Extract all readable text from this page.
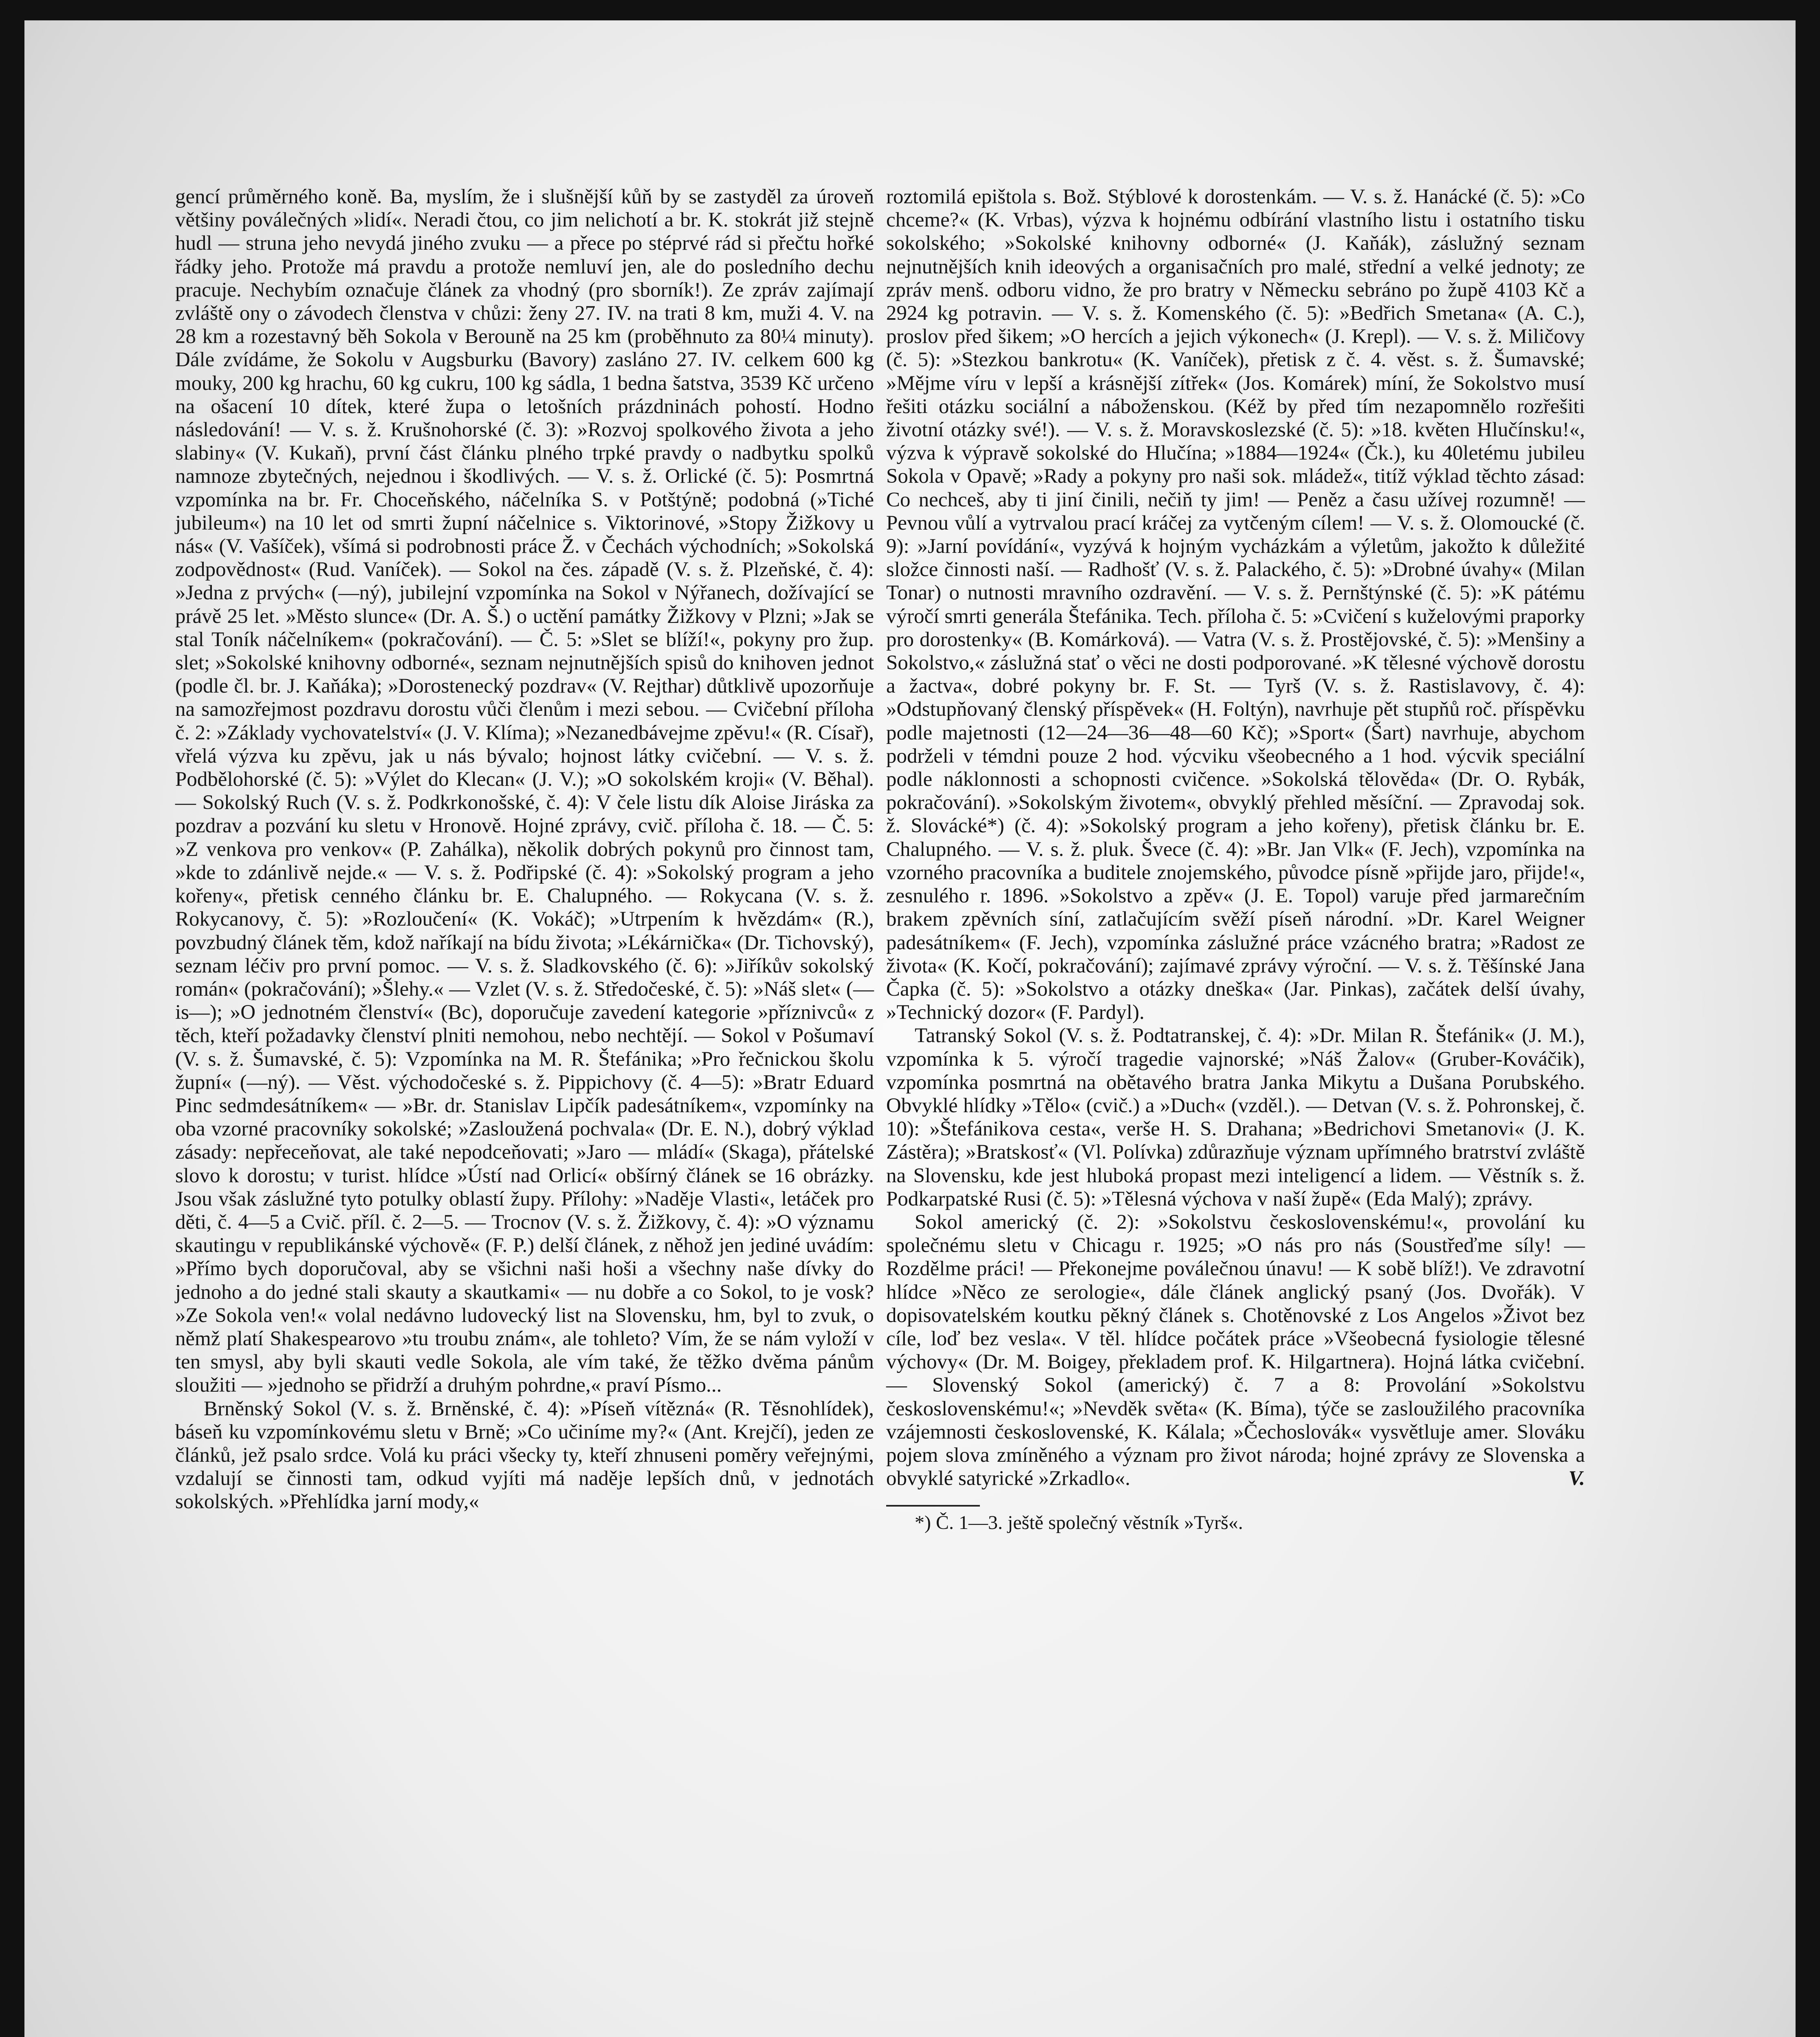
gencí průměrného koně. Ba, myslím, že i slušnější kůň by se zastyděl za úroveň většiny poválečných »lidí«. Neradi čtou, co jim nelichotí a br. K. stokrát již stejně hudl — struna jeho nevydá jiného zvuku — a přece po stéprvé rád si přečtu hořké řádky jeho. Protože má pravdu a protože nemluví jen, ale do posledního dechu pracuje. Nechybím označuje článek za vhodný (pro sborník!). Ze zpráv zajímají zvláště ony o závodech členstva v chůzi: ženy 27. IV. na trati 8 km, muži 4. V. na 28 km a rozestavný běh Sokola v Berouně na 25 km (proběhnuto za 80¼ minuty). Dále zvídáme, že Sokolu v Augsburku (Bavory) zasláno 27. IV. celkem 600 kg mouky, 200 kg hrachu, 60 kg cukru, 100 kg sádla, 1 bedna šatstva, 3539 Kč určeno na ošacení 10 dítek, které župa o letošních prázdninách pohostí. Hodno následování! — V. s. ž. Krušnohorské (č. 3): »Rozvoj spolkového života a jeho slabiny« (V. Kukaň), první část článku plného trpké pravdy o nadbytku spolků namnoze zbytečných, nejednou i škodlivých. — V. s. ž. Orlické (č. 5): Posmrtná vzpomínka na br. Fr. Choceňského, náčelníka S. v Potštýně; podobná (»Tiché jubileum«) na 10 let od smrti župní náčelnice s. Viktorinové, »Stopy Žižkovy u nás« (V. Vašíček), všímá si podrobnosti práce Ž. v Čechách východních; »Sokolská zodpovědnost« (Rud. Vaníček). — Sokol na čes. západě (V. s. ž. Plzeňské, č. 4): »Jedna z prvých« (—ný), jubilejní vzpomínka na Sokol v Nýřanech, dožívající se právě 25 let. »Město slunce« (Dr. A. Š.) o uctění památky Žižkovy v Plzni; »Jak se stal Toník náčelníkem« (pokračování). — Č. 5: »Slet se blíží!«, pokyny pro žup. slet; »Sokolské knihovny odborné«, seznam nejnutnějších spisů do knihoven jednot (podle čl. br. J. Kaňáka); »Dorostenecký pozdrav« (V. Rejthar) důtklivě upozorňuje na samozřejmost pozdravu dorostu vůči členům i mezi sebou. — Cvičební příloha č. 2: »Základy vychovatelství« (J. V. Klíma); »Nezanedbávejme zpěvu!« (R. Císař), vřelá výzva ku zpěvu, jak u nás bývalo; hojnost látky cvičební. — V. s. ž. Podbělohorské (č. 5): »Výlet do Klecan« (J. V.); »O sokolském kroji« (V. Běhal). — Sokolský Ruch (V. s. ž. Podkrkonošské, č. 4): V čele listu dík Aloise Jiráska za pozdrav a pozvání ku sletu v Hronově. Hojné zprávy, cvič. příloha č. 18. — Č. 5: »Z venkova pro venkov« (P. Zahálka), několik dobrých pokynů pro činnost tam, »kde to zdánlivě nejde.« — V. s. ž. Podřipské (č. 4): »Sokolský program a jeho kořeny«, přetisk cenného článku br. E. Chalupného. — Rokycana (V. s. ž. Rokycanovy, č. 5): »Rozloučení« (K. Vokáč); »Utrpením k hvězdám« (R.), povzbudný článek těm, kdož naříkají na bídu života; »Lékárnička« (Dr. Tichovský), seznam léčiv pro první pomoc. — V. s. ž. Sladkovského (č. 6): »Jiříkův sokolský román« (pokračování); »Šlehy.« — Vzlet (V. s. ž. Středočeské, č. 5): »Náš slet« (—is—); »O jednotném členství« (Bc), doporučuje zavedení kategorie »příznivců« z těch, kteří požadavky členství plniti nemohou, nebo nechtějí. — Sokol v Pošumaví (V. s. ž. Šumavské, č. 5): Vzpomínka na M. R. Štefánika; »Pro řečnickou školu župní« (—ný). — Věst. východočeské s. ž. Pippichovy (č. 4—5): »Bratr Eduard Pinc sedmdesátníkem« — »Br. dr. Stanislav Lipčík padesátníkem«, vzpomínky na oba vzorné pracovníky sokolské; »Zasloužená pochvala« (Dr. E. N.), dobrý výklad zásady: nepřeceňovat, ale také nepodceňovati; »Jaro — mládí« (Skaga), přátelské slovo k dorostu; v turist. hlídce »Ústí nad Orlicí« obšírný článek se 16 obrázky. Jsou však záslužné tyto potulky oblastí župy. Přílohy: »Naděje Vlasti«, letáček pro děti, č. 4—5 a Cvič. příl. č. 2—5. — Trocnov (V. s. ž. Žižkovy, č. 4): »O významu skautingu v republikánské výchově« (F. P.) delší článek, z něhož jen jediné uvádím: »Přímo bych doporučoval, aby se všichni naši hoši a všechny naše dívky do jednoho a do jedné stali skauty a skautkami« — nu dobře a co Sokol, to je vosk? »Ze Sokola ven!« volal nedávno ludovecký list na Slovensku, hm, byl to zvuk, o němž platí Shakespearovo »tu troubu znám«, ale tohleto? Vím, že se nám vyloží v ten smysl, aby byli skauti vedle Sokola, ale vím také, že těžko dvěma pánům sloužiti — »jednoho se přidrží a druhým pohrdne,« praví Písmo...

Brněnský Sokol (V. s. ž. Brněnské, č. 4): »Píseň vítězná« (R. Těsnohlídek), báseň ku vzpomínkovému sletu v Brně; »Co učiníme my?« (Ant. Krejčí), jeden ze článků, jež psalo srdce. Volá ku práci všecky ty, kteří zhnuseni poměry veřejnými, vzdalují se činnosti tam, odkud vyjíti má naděje lepších dnů, v jednotách sokolských. »Přehlídka jarní mody,«

roztomilá epištola s. Bož. Stýblové k dorostenkám. — V. s. ž. Hanácké (č. 5): »Co chceme?« (K. Vrbas), výzva k hojnému odbírání vlastního listu i ostatního tisku sokolského; »Sokolské knihovny odborné« (J. Kaňák), záslužný seznam nejnutnějších knih ideových a organisačních pro malé, střední a velké jednoty; ze zpráv menš. odboru vidno, že pro bratry v Německu sebráno po župě 4103 Kč a 2924 kg potravin. — V. s. ž. Komenského (č. 5): »Bedřich Smetana« (A. C.), proslov před šikem; »O hercích a jejich výkonech« (J. Krepl). — V. s. ž. Miličovy (č. 5): »Stezkou bankrotu« (K. Vaníček), přetisk z č. 4. věst. s. ž. Šumavské; »Mějme víru v lepší a krásnější zítřek« (Jos. Komárek) míní, že Sokolstvo musí řešiti otázku sociální a náboženskou. (Kéž by před tím nezapomnělo rozřešiti životní otázky své!). — V. s. ž. Moravskoslezské (č. 5): »18. květen Hlučínsku!«, výzva k výpravě sokolské do Hlučína; »1884—1924« (Čk.), ku 40letému jubileu Sokola v Opavě; »Rady a pokyny pro naši sok. mládež«, titíž výklad těchto zásad: Co nechceš, aby ti jiní činili, nečiň ty jim! — Peněz a času užívej rozumně! — Pevnou vůlí a vytrvalou prací kráčej za vytčeným cílem! — V. s. ž. Olomoucké (č. 9): »Jarní povídání«, vyzývá k hojným vycházkám a výletům, jakožto k důležité složce činnosti naší. — Radhošť (V. s. ž. Palackého, č. 5): »Drobné úvahy« (Milan Tonar) o nutnosti mravního ozdravění. — V. s. ž. Pernštýnské (č. 5): »K pátému výročí smrti generála Štefánika. Tech. příloha č. 5: »Cvičení s kuželovými praporky pro dorostenky« (B. Komárková). — Vatra (V. s. ž. Prostějovské, č. 5): »Menšiny a Sokolstvo,« záslužná stať o věci ne dosti podporované. »K tělesné výchově dorostu a žactva«, dobré pokyny br. F. St. — Tyrš (V. s. ž. Rastislavovy, č. 4): »Odstupňovaný členský příspěvek« (H. Foltýn), navrhuje pět stupňů roč. příspěvku podle majetnosti (12—24—36—48—60 Kč); »Sport« (Šart) navrhuje, abychom podrželi v témdni pouze 2 hod. výcviku všeobecného a 1 hod. výcvik speciální podle náklonnosti a schopnosti cvičence. »Sokolská tělověda« (Dr. O. Rybák, pokračování). »Sokolským životem«, obvyklý přehled měsíční. — Zpravodaj sok. ž. Slovácké*) (č. 4): »Sokolský program a jeho kořeny), přetisk článku br. E. Chalupného. — V. s. ž. pluk. Švece (č. 4): »Br. Jan Vlk« (F. Jech), vzpomínka na vzorného pracovníka a buditele znojemského, původce písně »přijde jaro, přijde!«, zesnulého r. 1896. »Sokolstvo a zpěv« (J. E. Topol) varuje před jarmarečním brakem zpěvních síní, zatlačujícím svěží píseň národní. »Dr. Karel Weigner padesátníkem« (F. Jech), vzpomínka záslužné práce vzácného bratra; »Radost ze života« (K. Kočí, pokračování); zajímavé zprávy výroční. — V. s. ž. Těšínské Jana Čapka (č. 5): »Sokolstvo a otázky dneška« (Jar. Pinkas), začátek delší úvahy, »Technický dozor« (F. Pardyl).

Tatranský Sokol (V. s. ž. Podtatranskej, č. 4): »Dr. Milan R. Štefánik« (J. M.), vzpomínka k 5. výročí tragedie vajnorské; »Náš Žalov« (Gruber-Kováčik), vzpomínka posmrtná na obětavého bratra Janka Mikytu a Dušana Porubského. Obvyklé hlídky »Tělo« (cvič.) a »Duch« (vzděl.). — Detvan (V. s. ž. Pohronskej, č. 10): »Štefánikova cesta«, verše H. S. Drahana; »Bedrichovi Smetanovi« (J. K. Zástěra); »Bratskosť« (Vl. Polívka) zdůrazňuje význam upřímného bratrství zvláště na Slovensku, kde jest hluboká propast mezi inteligencí a lidem. — Věstník s. ž. Podkarpatské Rusi (č. 5): »Tělesná výchova v naší župě« (Eda Malý); zprávy.

Sokol americký (č. 2): »Sokolstvu československému!«, provolání ku společnému sletu v Chicagu r. 1925; »O nás pro nás (Soustřeďme síly! — Rozdělme práci! — Překonejme poválečnou únavu! — K sobě blíž!). Ve zdravotní hlídce »Něco ze serologie«, dále článek anglický psaný (Jos. Dvořák). V dopisovatelském koutku pěkný článek s. Chotěnovské z Los Angelos »Život bez cíle, loď bez vesla«. V těl. hlídce počátek práce »Všeobecná fysiologie tělesné výchovy« (Dr. M. Boigey, překladem prof. K. Hilgartnera). Hojná látka cvičební. — Slovenský Sokol (americký) č. 7 a 8: Provolání »Sokolstvu československému!«; »Nevděk světa« (K. Bíma), týče se zasloužilého pracovníka vzájemnosti československé, K. Kálala; »Čechoslovák« vysvětluje amer. Slováku pojem slova zmíněného a význam pro život národa; hojné zprávy ze Slovenska a obvyklé satyrické »Zrkadlo«.	V.

*) Č. 1—3. ještě společný věstník »Tyrš«.
